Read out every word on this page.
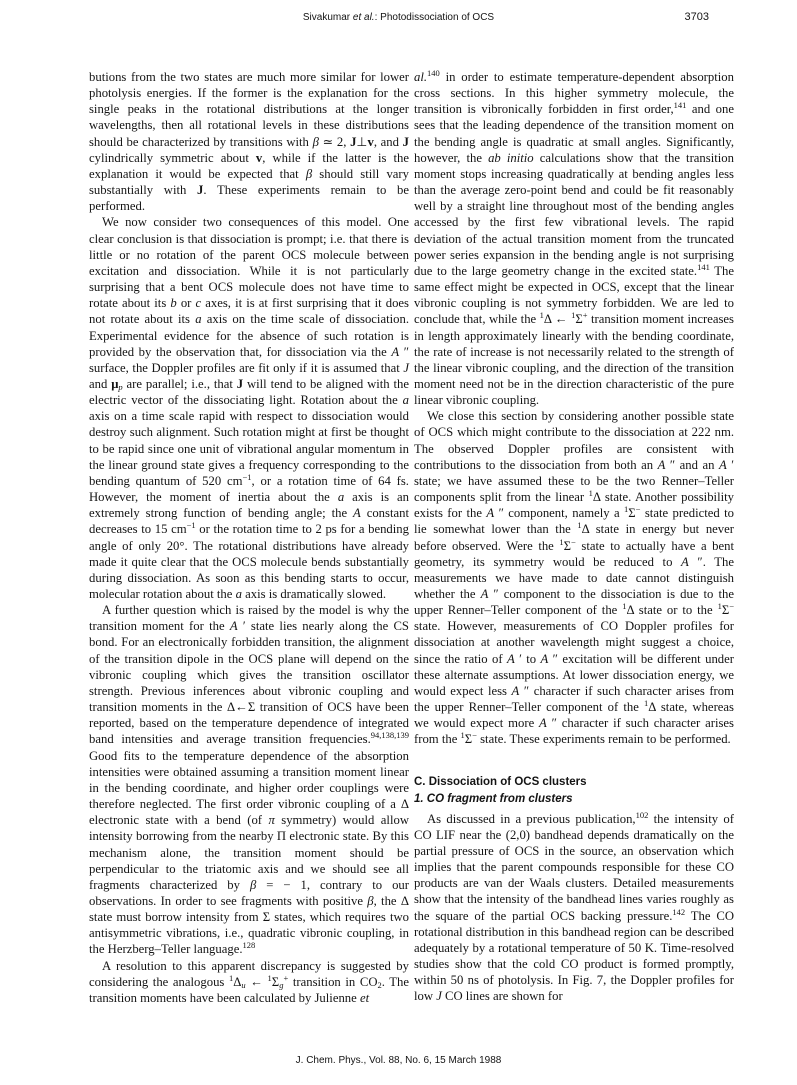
Sivakumar et al.: Photodissociation of OCS	3703

butions from the two states are much more similar for lower photolysis energies. If the former is the explanation for the single peaks in the rotational distributions at the longer wavelengths, then all rotational levels in these distributions should be characterized by transitions with β ≃ 2, J⊥v, and J cylindrically symmetric about v, while if the latter is the explanation it would be expected that β should still vary substantially with J. These experiments remain to be performed.

We now consider two consequences of this model. One clear conclusion is that dissociation is prompt; i.e. that there is little or no rotation of the parent OCS molecule between excitation and dissociation. While it is not particularly surprising that a bent OCS molecule does not have time to rotate about its b or c axes, it is at first surprising that it does not rotate about its a axis on the time scale of dissociation. Experimental evidence for the absence of such rotation is provided by the observation that, for dissociation via the A ″ surface, the Doppler profiles are fit only if it is assumed that J and $\mu_p$ are parallel; i.e., that J will tend to be aligned with the electric vector of the dissociating light. Rotation about the a axis on a time scale rapid with respect to dissociation would destroy such alignment. Such rotation might at first be thought to be rapid since one unit of vibrational angular momentum in the linear ground state gives a frequency corresponding to the bending quantum of 520 $cm^{-1}$, or a rotation time of 64 fs. However, the moment of inertia about the a axis is an extremely strong function of bending angle; the A constant decreases to 15 $cm^{-1}$ or the rotation time to 2 ps for a bending angle of only 20°. The rotational distributions have already made it quite clear that the OCS molecule bends substantially during dissociation. As soon as this bending starts to occur, molecular rotation about the a axis is dramatically slowed.

A further question which is raised by the model is why the transition moment for the A ′ state lies nearly along the CS bond. For an electronically forbidden transition, the alignment of the transition dipole in the OCS plane will depend on the vibronic coupling which gives the transition oscillator strength. Previous inferences about vibronic coupling and transition moments in the Δ←Σ transition of OCS have been reported, based on the temperature dependence of integrated band intensities and average transition frequencies.$^{94,138,139}$ Good fits to the temperature dependence of the absorption intensities were obtained assuming a transition moment linear in the bending coordinate, and higher order couplings were therefore neglected. The first order vibronic coupling of a Δ electronic state with a bend (of π symmetry) would allow intensity borrowing from the nearby Π electronic state. By this mechanism alone, the transition moment should be perpendicular to the triatomic axis and we should see all fragments characterized by β = − 1, contrary to our observations. In order to see fragments with positive β, the Δ state must borrow intensity from Σ states, which requires two antisymmetric vibrations, i.e., quadratic vibronic coupling, in the Herzberg–Teller language.$^{128}$

A resolution to this apparent discrepancy is suggested by considering the analogous $^1\Delta_u$ ← $^1\Sigma_g^+$ transition in $CO_2$. The transition moments have been calculated by Julienne et

al.$^{140}$ in order to estimate temperature-dependent absorption cross sections. In this higher symmetry molecule, the transition is vibronically forbidden in first order,$^{141}$ and one sees that the leading dependence of the transition moment on the bending angle is quadratic at small angles. Significantly, however, the ab initio calculations show that the transition moment stops increasing quadratically at bending angles less than the average zero-point bend and could be fit reasonably well by a straight line throughout most of the bending angles accessed by the first few vibrational levels. The rapid deviation of the actual transition moment from the truncated power series expansion in the bending angle is not surprising due to the large geometry change in the excited state.$^{141}$ The same effect might be expected in OCS, except that the linear vibronic coupling is not symmetry forbidden. We are led to conclude that, while the $^1$Δ ← $^1$Σ+ transition moment increases in length approximately linearly with the bending coordinate, the rate of increase is not necessarily related to the strength of the linear vibronic coupling, and the direction of the transition moment need not be in the direction characteristic of the pure linear vibronic coupling.

We close this section by considering another possible state of OCS which might contribute to the dissociation at 222 nm. The observed Doppler profiles are consistent with contributions to the dissociation from both an A ″ and an A ′ state; we have assumed these to be the two Renner–Teller components split from the linear $^1$Δ state. Another possibility exists for the A ″ component, namely a $^1$Σ− state predicted to lie somewhat lower than the $^1$Δ state in energy but never before observed. Were the $^1$Σ− state to actually have a bent geometry, its symmetry would be reduced to A ″. The measurements we have made to date cannot distinguish whether the A ″ component to the dissociation is due to the upper Renner–Teller component of the $^1$Δ state or to the $^1$Σ− state. However, measurements of CO Doppler profiles for dissociation at another wavelength might suggest a choice, since the ratio of A ′ to A ″ excitation will be different under these alternate assumptions. At lower dissociation energy, we would expect less A ″ character if such character arises from the upper Renner–Teller component of the $^1$Δ state, whereas we would expect more A ″ character if such character arises from the $^1$Σ− state. These experiments remain to be performed.

C. Dissociation of OCS clusters
1. CO fragment from clusters

As discussed in a previous publication,$^{102}$ the intensity of CO LIF near the (2,0) bandhead depends dramatically on the partial pressure of OCS in the source, an observation which implies that the parent compounds responsible for these CO products are van der Waals clusters. Detailed measurements show that the intensity of the bandhead lines varies roughly as the square of the partial OCS backing pressure.$^{142}$ The CO rotational distribution in this bandhead region can be described adequately by a rotational temperature of 50 K. Time-resolved studies show that the cold CO product is formed promptly, within 50 ns of photolysis. In Fig. 7, the Doppler profiles for low J CO lines are shown for

J. Chem. Phys., Vol. 88, No. 6, 15 March 1988
